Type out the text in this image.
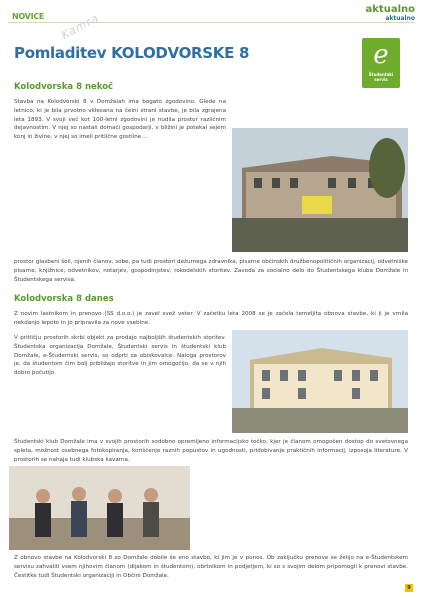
NOVICE
aktualno
aktualno
Kamra
Pomladitev KOLODVORSKE 8	e
Študentski servis
Kolodvorska 8 nekoč
Stavba na Kolodvorski 8 v Domžalah ima bogato zgodovino. Glede na letnico, ki je bila prvotno vklesana na čelni strani stavbe, je bila zgrajena leta 1893. V svoji več kot 100-letni zgodovini je nudila prostor različnim dejavnostim. V njej so nastali domači gospodarji, v bližini je potekal sejem konj in živine, v njej so imeli pritlične gostilne ...
prostor glasbeni šoli, njenih članov, sobe, pa tudi prostori dežurnega zdravnika, pisarne občinskih družbenopolitičnih organizacij, odvetniške pisarne, knjižnice, odvetnikov, notarjev, gospodinjstev, rokodelskih storitev. Zavoda za socialno delo do Študentskega kluba Domžale in Študentskega servisa.
Kolodvorska 8 danes
Z novim lastnikom in prenovo (SS d.o.o.) je zavel svež veter. V začetku leta 2008 se je začela temeljita obnova stavbe, ki ji je vrnila nekdanjo lepoto in jo pripravila za nove vsebine.
V pritličju prostorih skrbi objekt za prodajo najboljših študentskih storitev. Študentska organizacija Domžale, Študentski servis in študentski klub Domžale, e-Študentski servis, so odprti za obiskovalce. Naloga prostorov je, da študentom čim bolj približajo storitve in jim omogočijo, da se v njih dobro počutijo.
Študentski klub Domžale ima v svojih prostorih sodobno opremljeno informacijsko točko, kjer je članom omogočen dostop do svetovnega spleta, možnost osebnega fotokopiranja, koriščenje raznih popustov in ugodnosti, pridobivanje praktičnih informacij, izposoja literature. V prostorih se nahaja tudi klubska kavarna.
Z obnovo stavbe na Kolodvorski 8 so Domžale dobile še eno stavbo, ki jim je v ponos. Ob zaključku prenove se želijo na e-Študentskem servisu zahvaliti vsem njihovim članom (dijakom in študentom), obrtnikom in podjetjem, ki so s svojim delom pripomogli k prenovi stavbe. Čestitke tudi Študentski organizaciji in Občini Domžale.
9
